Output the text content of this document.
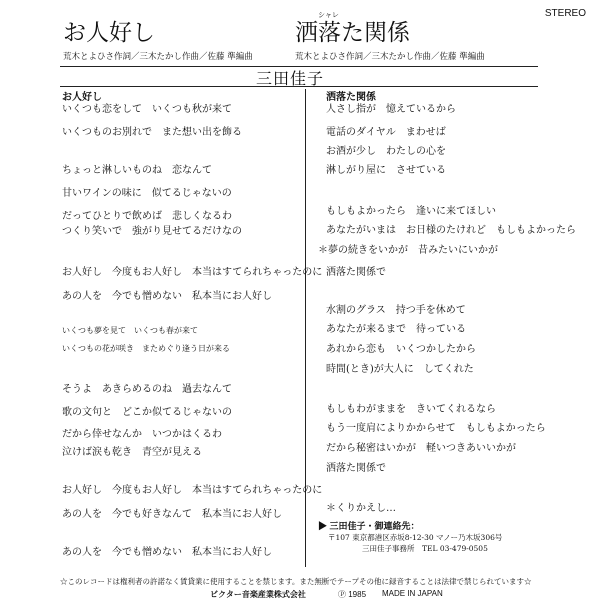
STEREO
お人好し
荒木とよひさ作詞／三木たかし作曲／佐藤 準編曲
シャレ
洒落た関係
荒木とよひさ作詞／三木たかし作曲／佐藤 準編曲
三田佳子
お人好し	洒落た関係
いくつも恋をして　いくつも秋が来て
いくつものお別れで　また想い出を飾る
ちょっと淋しいものね　恋なんて
甘いワインの味に　似てるじゃないの
だってひとりで飲めば　悲しくなるわ
つくり笑いで　強がり見せてるだけなの
お人好し　今度もお人好し　本当はすてられちゃったのに
あの人を　今でも憎めない　私本当にお人好し
いくつも夢を見て　いくつも春が来て
いくつもの花が咲き　まためぐり逢う日が来る
そうよ　あきらめるのね　過去なんて
歌の文句と　どこか似てるじゃないの
だから倖せなんか　いつかはくるわ
泣けば涙も乾き　青空が見える
お人好し　今度もお人好し　本当はすてられちゃったのに
あの人を　今でも好きなんて　私本当にお人好し
あの人を　今でも憎めない　私本当にお人好し
人さし指が　憶えているから
電話のダイヤル　まわせば
お酒が少し　わたしの心を
淋しがり屋に　させている
もしもよかったら　逢いに来てほしい
あなたがいまは　お日様のたけれど　もしもよかったら
＊夢の続きをいかが　昔みたいにいかが
洒落た関係で
水割のグラス　持つ手を休めて
あなたが来るまで　待っている
あれから恋も　いくつかしたから
時間(とき)が大人に　してくれた
もしもわがままを　きいてくれるなら
もう一度肩によりかからせて　もしもよかったら
だから秘密はいかが　軽いつきあいいかが
洒落た関係で
＊くりかえし…
▶ 三田佳子・御連絡先：
〒107 東京都港区赤坂8-12-30 マノー乃木坂306号
三田佳子事務所　TEL 03-479-0505
☆このレコードは権利者の許諾なく賃貸業に使用することを禁じます。また無断でテープその他に録音することは法律で禁じられています☆
ビクター音楽産業株式会社	Ⓟ 1985 MADE IN JAPAN
